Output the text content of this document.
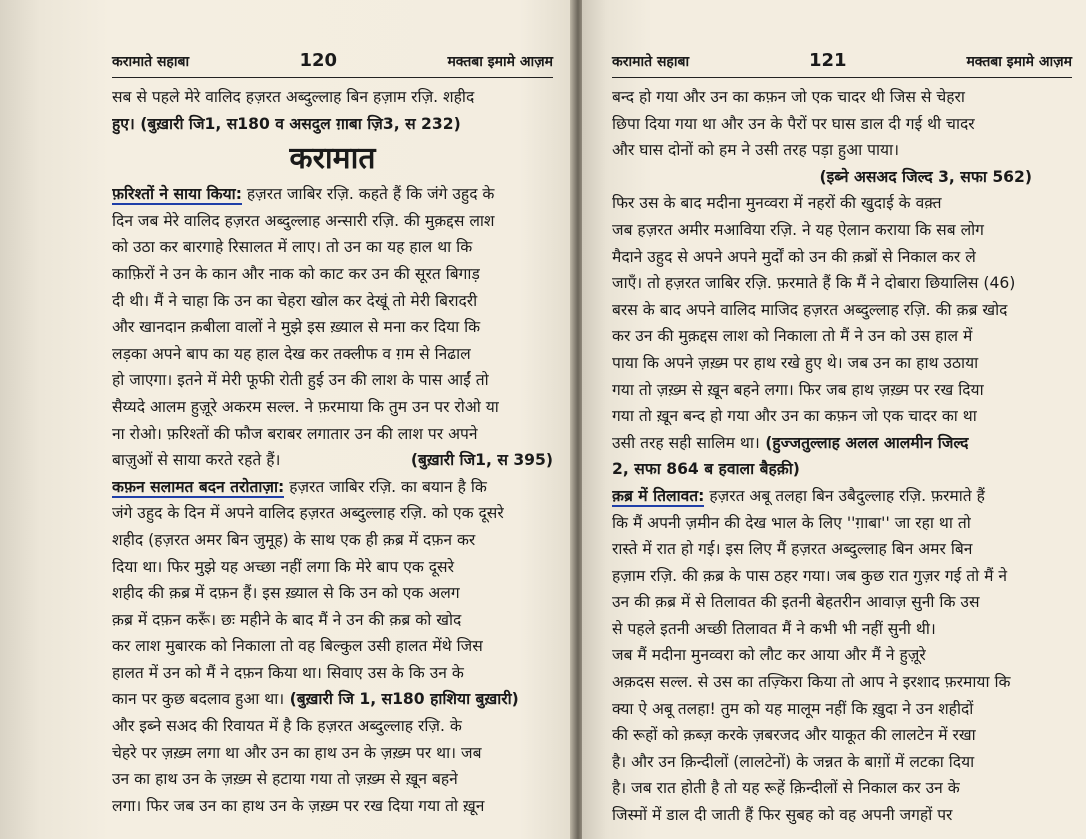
करामाते सहाबा	120	मक्तबा इमामे आज़म
सब से पहले मेरे वालिद हज़रत अब्दुल्लाह बिन हज़ाम रज़ि. शहीद
हुए। (बुख़ारी जि1, स180 व असदुल ग़ाबा ज़ि3, स 232)
करामात
फ़रिश्तों ने साया किया: हज़रत जाबिर रज़ि. कहते हैं कि जंगे उहुद के
दिन जब मेरे वालिद हज़रत अब्दुल्लाह अन्सारी रज़ि. की मुक़द्दस लाश
को उठा कर बारगाहे रिसालत में लाए। तो उन का यह हाल था कि
काफ़िरों ने उन के कान और नाक को काट कर उन की सूरत बिगाड़
दी थी। मैं ने चाहा कि उन का चेहरा खोल कर देखूं तो मेरी बिरादरी
और खानदान क़बीला वालों ने मुझे इस ख़्याल से मना कर दिया कि
लड़का अपने बाप का यह हाल देख कर तक्लीफ व ग़म से निढाल
हो जाएगा। इतने में मेरी फूफी रोती हुई उन की लाश के पास आईं तो
सैय्यदे आलम हुज़ूरे अकरम सल्ल. ने फ़रमाया कि तुम उन पर रोओ या
ना रोओ। फ़रिश्तों की फौज बराबर लगातार उन की लाश पर अपने
बाज़ुओं से साया करते रहते हैं।	(बुख़ारी जि1, स 395)
कफ़न सलामत बदन तरोताज़ा: हज़रत जाबिर रज़ि. का बयान है कि
जंगे उहुद के दिन में अपने वालिद हज़रत अब्दुल्लाह रज़ि. को एक दूसरे
शहीद (हज़रत अमर बिन जुमूह) के साथ एक ही क़ब्र में दफ़न कर
दिया था। फिर मुझे यह अच्छा नहीं लगा कि मेरे बाप एक दूसरे
शहीद की क़ब्र में दफ़न हैं। इस ख़्याल से कि उन को एक अलग
क़ब्र में दफ़न करूँ। छः महीने के बाद मैं ने उन की क़ब्र को खोद
कर लाश मुबारक को निकाला तो वह बिल्कुल उसी हालत मेंथे जिस
हालत में उन को मैं ने दफ़न किया था। सिवाए उस के कि उन के
कान पर कुछ बदलाव हुआ था। (बुख़ारी जि 1, स180 हाशिया बुख़ारी)
और इब्ने सअद की रिवायत में है कि हज़रत अब्दुल्लाह रज़ि. के
चेहरे पर ज़ख़्म लगा था और उन का हाथ उन के ज़ख़्म पर था। जब
उन का हाथ उन के ज़ख़्म से हटाया गया तो ज़ख़्म से ख़ून बहने
लगा। फिर जब उन का हाथ उन के ज़ख़्म पर रख दिया गया तो ख़ून
करामाते सहाबा	121	मक्तबा इमामे आज़म
बन्द हो गया और उन का कफ़न जो एक चादर थी जिस से चेहरा
छिपा दिया गया था और उन के पैरों पर घास डाल दी गई थी चादर
और घास दोनों को हम ने उसी तरह पड़ा हुआ पाया।
(इब्ने असअद जिल्द 3, सफा 562)
फिर उस के बाद मदीना मुनव्वरा में नहरों की खुदाई के वक़्त
जब हज़रत अमीर मआविया रज़ि. ने यह ऐलान कराया कि सब लोग
मैदाने उहुद से अपने अपने मुर्दों को उन की क़ब्रों से निकाल कर ले
जाएँ। तो हज़रत जाबिर रज़ि. फ़रमाते हैं कि मैं ने दोबारा छियालिस (46)
बरस के बाद अपने वालिद माजिद हज़रत अब्दुल्लाह रज़ि. की क़ब्र खोद
कर उन की मुक़द्दस लाश को निकाला तो मैं ने उन को उस हाल में
पाया कि अपने ज़ख़्म पर हाथ रखे हुए थे। जब उन का हाथ उठाया
गया तो ज़ख़्म से ख़ून बहने लगा। फिर जब हाथ ज़ख़्म पर रख दिया
गया तो ख़ून बन्द हो गया और उन का कफ़न जो एक चादर का था
उसी तरह सही सालिम था। (हुज्जतुल्लाह अलल आलमीन जिल्द
2, सफा 864 ब हवाला बैहक़ी)
क़ब्र में तिलावत: हज़रत अबू तलहा बिन उबैदुल्लाह रज़ि. फ़रमाते हैं
कि मैं अपनी ज़मीन की देख भाल के लिए ''ग़ाबा'' जा रहा था तो
रास्ते में रात हो गई। इस लिए मैं हज़रत अब्दुल्लाह बिन अमर बिन
हज़ाम रज़ि. की क़ब्र के पास ठहर गया। जब कुछ रात गुज़र गई तो मैं ने
उन की क़ब्र में से तिलावत की इतनी बेहतरीन आवाज़ सुनी कि उस
से पहले इतनी अच्छी तिलावत मैं ने कभी भी नहीं सुनी थी।
जब मैं मदीना मुनव्वरा को लौट कर आया और मैं ने हुज़ूरे
अक़दस सल्ल. से उस का तज़्किरा किया तो आप ने इरशाद फ़रमाया कि
क्या ऐ अबू तलहा! तुम को यह मालूम नहीं कि ख़ुदा ने उन शहीदों
की रूहों को क़ब्ज़ करके ज़बरजद और याकूत की लालटेन में रखा
है। और उन क़िन्दीलों (लालटेनों) के जन्नत के बाग़ों में लटका दिया
है। जब रात होती है तो यह रूहें क़िन्दीलों से निकाल कर उन के
जिस्मों में डाल दी जाती हैं फिर सुबह को वह अपनी जगहों पर
